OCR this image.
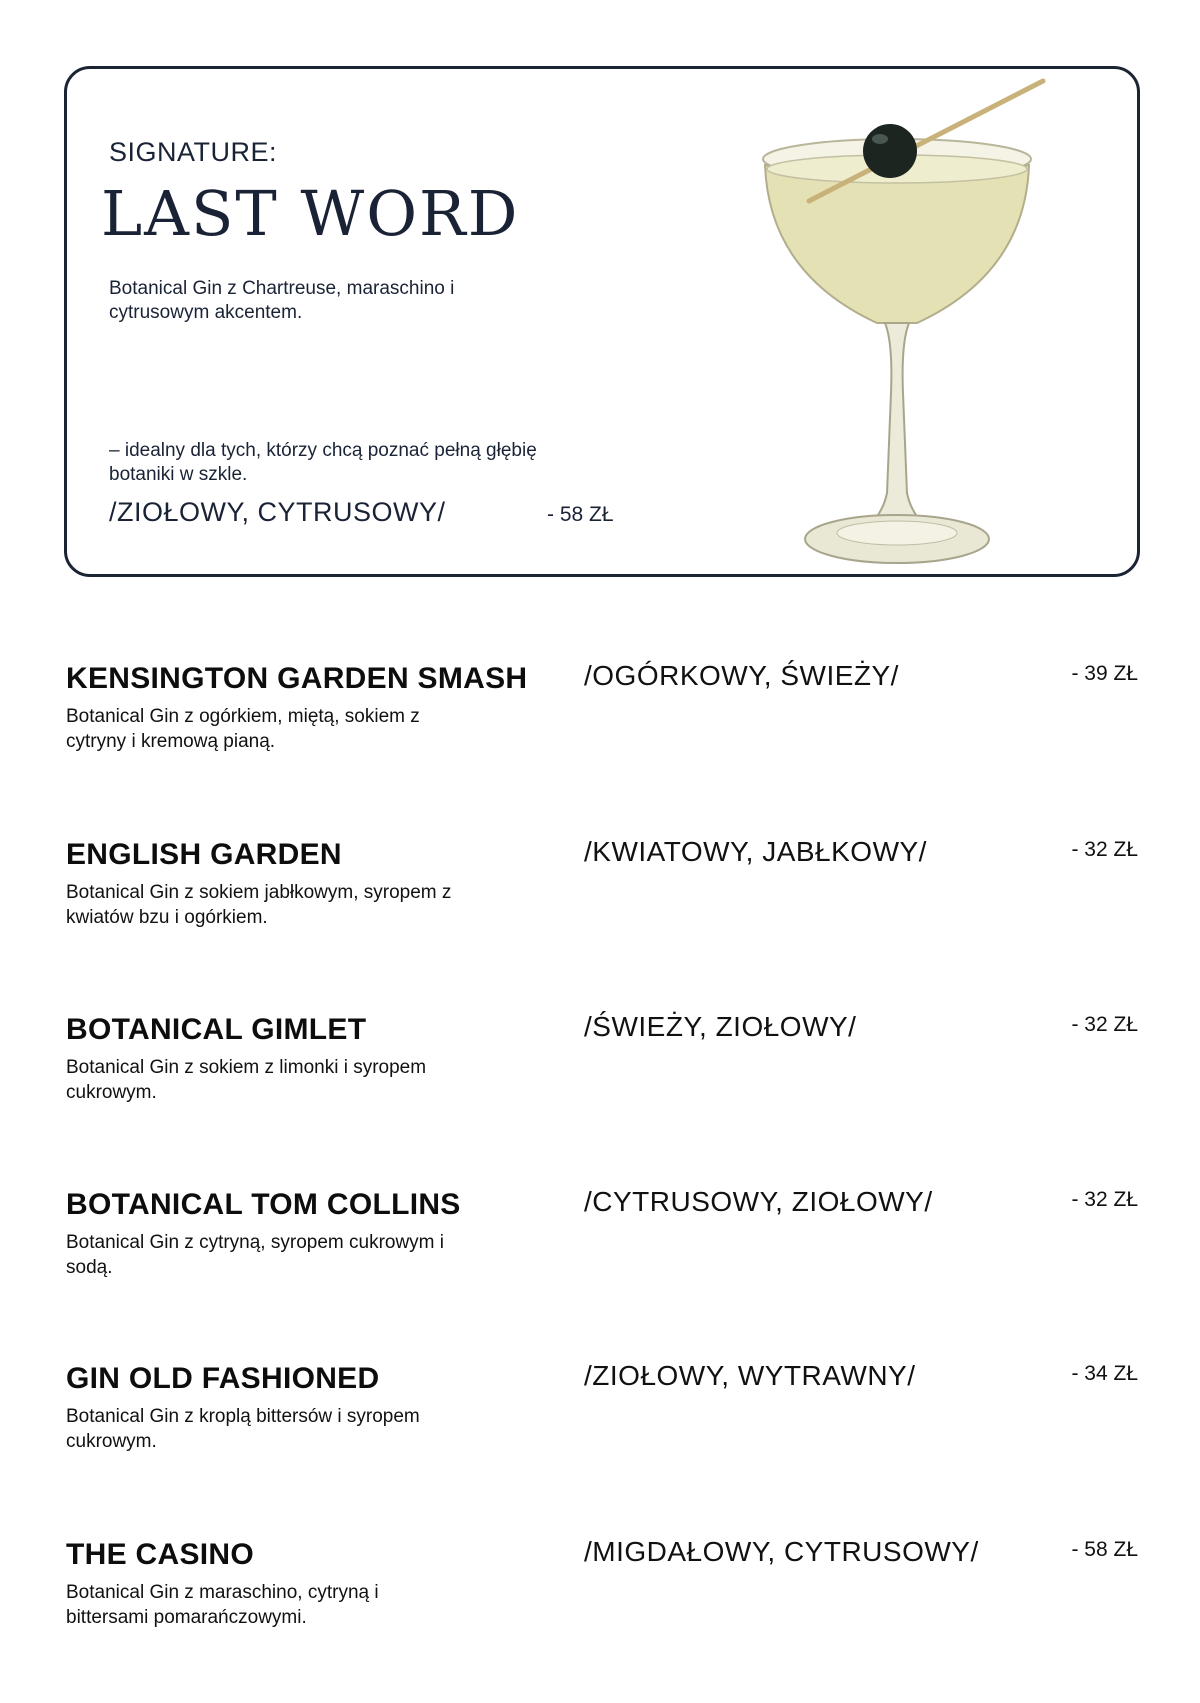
SIGNATURE:
LAST WORD
Botanical Gin z Chartreuse, maraschino i cytrusowym akcentem.
– idealny dla tych, którzy chcą poznać pełną głębię botaniki w szkle.
/ZIOŁOWY, CYTRUSOWY/	- 58 ZŁ
KENSINGTON GARDEN SMASH
Botanical Gin z ogórkiem, miętą, sokiem z cytryny i kremową pianą.
/OGÓRKOWY, ŚWIEŻY/	- 39 ZŁ
ENGLISH GARDEN
Botanical Gin z sokiem jabłkowym, syropem z kwiatów bzu i ogórkiem.
/KWIATOWY, JABŁKOWY/	- 32 ZŁ
BOTANICAL GIMLET
Botanical Gin z sokiem z limonki i syropem cukrowym.
/ŚWIEŻY, ZIOŁOWY/	- 32 ZŁ
BOTANICAL TOM COLLINS
Botanical Gin z cytryną, syropem cukrowym i sodą.
/CYTRUSOWY, ZIOŁOWY/	- 32 ZŁ
GIN OLD FASHIONED
Botanical Gin z kroplą bittersów i syropem cukrowym.
/ZIOŁOWY, WYTRAWNY/	- 34 ZŁ
THE CASINO
Botanical Gin z maraschino, cytryną i bittersami pomarańczowymi.
/MIGDAŁOWY, CYTRUSOWY/	- 58 ZŁ
